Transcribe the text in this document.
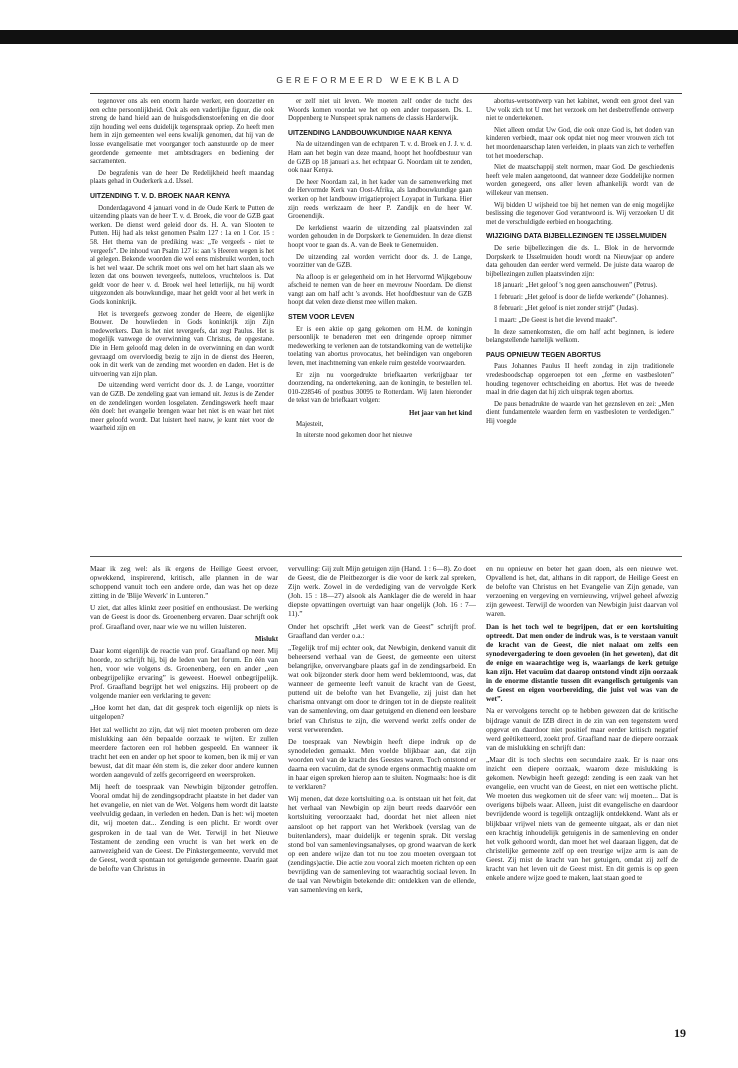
GEREFORMEERD WEEKBLAD

tegenover ons als een enorm harde werker, een doorzetter en een echte persoonlijkheid. Ook als een vaderlijke figuur, die ook streng de hand hield aan de huisgodsdienstoefening en die door zijn houding wel eens duidelijk tegenspraak opriep. Zo heeft men hem in zijn gemeenten wel eens kwalijk genomen, dat hij van de losse evangelisatie met voorganger toch aanstuurde op de meer geordende gemeente met ambtsdragers en bediening der sacramenten.

De begrafenis van de heer De Redelijkheid heeft maandag plaats gehad in Ouderkerk a.d. IJssel.

UITZENDING T. V. D. BROEK NAAR KENYA

Donderdagavond 4 januari vond in de Oude Kerk te Putten de uitzending plaats van de heer T. v. d. Broek, die voor de GZB gaat werken. De dienst werd geleid door ds. H. A. van Slooten te Putten. Hij had als tekst genomen Psalm 127 : 1a en 1 Cor. 15 : 58. Het thema van de prediking was: „Te vergeefs - niet te vergeefs”. De inhoud van Psalm 127 is: aan 's Heeren wegen is het al gelegen. Bekende woorden die wel eens misbruikt worden, toch is het wel waar. De schrik moet ons wel om het hart slaan als we lezen dat ons bouwen tevergeefs, nutteloos, vruchteloos is. Dat geldt voor de heer v. d. Broek wel heel letterlijk, nu hij wordt uitgezonden als bouwkundige, maar het geldt voor al het werk in Gods koninkrijk.

Het is tevergeefs gezwoeg zonder de Heere, de eigenlijke Bouwer. De houwlieden in Gods koninkrijk zijn Zijn medewerkers. Dan is het niet tevergeefs, dat zegt Paulus. Het is mogelijk vanwege de overwinning van Christus, de opgestane. Die in Hem geloofd mag delen in de overwinning en dan wordt gevraagd om overvloedig bezig te zijn in de dienst des Heeren, ook in dit werk van de zending met woorden en daden. Het is de uitvoering van zijn plan.

De uitzending werd verricht door ds. J. de Lange, voorzitter van de GZB. De zendeling gaat van iemand uit. Jezus is de Zender en de zendelingen worden losgelaten. Zendingswerk heeft maar één doel: het evangelie brengen waar het niet is en waar het niet meer geloofd wordt. Dat luistert heel nauw, je kunt niet voor de waarheid zijn en

er zelf niet uit leven. We moeten zelf onder de tucht des Woords komen voordat we het op een ander toepassen. Ds. L. Doppenberg te Nunspeet sprak namens de classis Harderwijk.

UITZENDING LANDBOUWKUNDIGE NAAR KENYA

Na de uitzendingen van de echtparen T. v. d. Broek en J. J. v. d. Ham aan het begin van deze maand, hoopt het hoofdbestuur van de GZB op 18 januari a.s. het echtpaar G. Noordam uit te zenden, ook naar Kenya.

De heer Noordam zal, in het kader van de samenwerking met de Hervormde Kerk van Oost-Afrika, als landbouwkundige gaan werken op het landbouw irrigatieproject Loyapat in Turkana. Hier zijn reeds werkzaam de heer P. Zandijk en de heer W. Groenendijk.

De kerkdienst waarin de uitzending zal plaatsvinden zal worden gehouden in de Dorpskerk te Genemuiden. In deze dienst hoopt voor te gaan ds. A. van de Beek te Genemuiden.

De uitzending zal worden verricht door ds. J. de Lange, voorzitter van de GZB.

Na afloop is er gelegenheid om in het Hervormd Wijkgebouw afscheid te nemen van de heer en mevrouw Noordam. De dienst vangt aan om half acht 's avonds. Het hoofdbestuur van de GZB hoopt dat velen deze dienst mee willen maken.

STEM VOOR LEVEN

Er is een aktie op gang gekomen om H.M. de koningin persoonlijk te benaderen met een dringende oproep nimmer medewerking te verlenen aan de totstandkoming van de wettelijke toelating van abortus provocatus, het beëindigen van ongeboren leven, met inachtneming van enkele ruim gestelde voorwaarden.

Er zijn nu voorgedrukte briefkaarten verkrijgbaar ter doorzending, na ondertekening, aan de koningin, te bestellen tel. 010-228546 of postbus 30095 te Rotterdam. Wij laten hieronder de tekst van de briefkaart volgen:

Het jaar van het kind

Majesteit,

In uiterste nood gekomen door het nieuwe

abortus-wetsontwerp van het kabinet, wendt een groot deel van Uw volk zich tot U met het verzoek om het desbetreffende ontwerp niet te ondertekenen.

Niet alleen omdat Uw God, die ook onze God is, het doden van kinderen verbiedt, maar ook opdat niet nog meer vrouwen zich tot het moordenaarschap laten verleiden, in plaats van zich te verheffen tot het moederschap.

Niet de maatschappij stelt normen, maar God. De geschiedenis heeft vele malen aangetoond, dat wanneer deze Goddelijke normen worden genegeerd, ons aller leven afhankelijk wordt van de willekeur van mensen.

Wij bidden U wijsheid toe bij het nemen van de enig mogelijke beslissing die tegenover God verantwoord is. Wij verzoeken U dit met de verschuldigde eerbied en hoogachting.

WIJZIGING DATA BIJBELLEZINGEN TE IJSSELMUIDEN

De serie bijbellezingen die ds. L. Blok in de hervormde Dorpskerk te IJsselmuiden houdt wordt na Nieuwjaar op andere data gehouden dan eerder werd vermeld. De juiste data waarop de bijbellezingen zullen plaatsvinden zijn:

18 januari: „Het geloof 's nog geen aanschouwen” (Petrus).

1 februari: „Het geloof is door de liefde werkende” (Johannes).

8 februari: „Het geloof is niet zonder strijd” (Judas).

1 maart: „De Geest is het die levend maakt”.

In deze samenkomsten, die om half acht beginnen, is iedere belangstellende hartelijk welkom.

PAUS OPNIEUW TEGEN ABORTUS

Paus Johannes Paulus II heeft zondag in zijn traditionele vredesboodschap opgeroepen tot een „ferme en vastbesloten” houding tegenover echtscheiding en abortus. Het was de tweede maal in drie dagen dat hij zich uitsprak tegen abortus.

De paus benadrukte de waarde van het geznsleven en zei: „Men dient fundamentele waarden ferm en vastbesloten te verdedigen.” Hij voegde

Maar ik zeg wel: als ik ergens de Heilige Geest ervoer, opwekkend, inspirerend, kritisch, alle plannen in de war schoppend vanuit toch een andere orde, dan was het op deze zitting in de 'Blije Weverk' in Lunteren.”

U ziet, dat alles klinkt zeer positief en enthousiast. De werking van de Geest is door ds. Groenenberg ervaren. Daar schrijft ook prof. Graafland over, naar wie we nu willen luisteren.

Mislukt

Daar komt eigenlijk de reactie van prof. Graafland op neer. Mij hoorde, zo schrijft hij, bij de leden van het forum. En één van hen, voor wie volgens ds. Groenenberg, een en ander „een onbegrijpelijke ervaring” is geweest. Hoewel onbegrijpelijk. Prof. Graafland begrijpt het wel enigszins. Hij probeert op de volgende manier een verklaring te geven:

„Hoe komt het dan, dat dit gesprek toch eigenlijk op niets is uitgelopen?

Het zal wellicht zo zijn, dat wij niet moeten proberen om deze mislukking aan één bepaalde oorzaak te wijten. Er zullen meerdere factoren een rol hebben gespeeld. En wanneer ik tracht het een en ander op het spoor te komen, ben ik mij er van bewust, dat dit maar één stem is, die zeker door andere kunnen worden aangevuld of zelfs gecorrigeerd en weersproken.

Mij heeft de toespraak van Newbigin bijzonder getroffen. Vooral omdat hij de zendingsopdracht plaatste in het dader van het evangelie, en niet van de Wet. Volgens hem wordt dit laatste veelvuldig gedaan, in verleden en heden. Dan is het: wij moeten dit, wij moeten dat... Zending is een plicht. Er wordt over gesproken in de taal van de Wet. Terwijl in het Nieuwe Testament de zending een vrucht is van het werk en de aanwezigheid van de Geest. De Pinkstergemeente, vervuld met de Geest, wordt spontaan tot getuigende gemeente. Daarin gaat de belofte van Christus in

vervulling: Gij zult Mijn getuigen zijn (Hand. 1 : 6—8). Zo doet de Geest, die de Pleitbezorger is die voor de kerk zal spreken, Zijn werk. Zowel in de verdediging van de vervolgde Kerk (Joh. 15 : 18—27) alsook als Aanklager die de wereld in haar diepste opvattingen overtuigt van haar ongelijk (Joh. 16 : 7—11).”

Onder het opschrift „Het werk van de Geest” schrijft prof. Graafland dan verder o.a.:

„Tegelijk trof mij echter ook, dat Newbigin, denkend vanuit dit beheersend verhaal van de Geest, de gemeente een uiterst belangrijke, onvervangbare plaats gaf in de zendingsarbeid. En wat ook bijzonder sterk door hem werd beklemtoond, was, dat wanneer de gemeente leeft vanuit de kracht van de Geest, puttend uit de belofte van het Evangelie, zij juist dan het charisma ontvangt om door te dringen tot in de diepste realiteit van de samenleving, om daar getuigend en dienend een leesbare brief van Christus te zijn, die wervend werkt zelfs onder de verst verwerenden.

De toespraak van Newbigin heeft diepe indruk op de synodeleden gemaakt. Men voelde blijkbaar aan, dat zijn woorden vol van de kracht des Geestes waren. Toch ontstond er daarna een vacuüm, dat de synode ergens onmachtig maakte om in haar eigen spreken hierop aan te sluiten. Nogmaals: hoe is dit te verklaren?

Wij menen, dat deze kortsluiting o.a. is ontstaan uit het feit, dat het verhaal van Newbigin op zijn beurt reeds daarvóór een kortsluiting veroorzaakt had, doordat het niet alleen niet aansloot op het rapport van het Werkboek (verslag van de buitenlanders), maar duidelijk er tegenin sprak. Dit verslag stond bol van samenlevingsanalyses, op grond waarvan de kerk op een andere wijze dan tot nu toe zou moeten overgaan tot (zendings)actie. Die actie zou vooral zich moeten richten op een bevrijding van de samenleving tot waarachtig sociaal leven. In de taal van Newbigin betekende dit: ontdekken van de ellende, van samenleving en kerk,

en nu opnieuw en beter het gaan doen, als een nieuwe wet. Opvallend is het, dat, althans in dit rapport, de Heilige Geest en de belofte van Christus en het Evangelie van Zijn genade, van verzoening en vergeving en vernieuwing, vrijwel geheel afwezig zijn geweest. Terwijl de woorden van Newbigin juist daarvan vol waren.

Dan is het toch wel te begrijpen, dat er een kortsluiting optreedt. Dat men onder de indruk was, is te verstaan vanuit de kracht van de Geest, die niet nalaat om zelfs een synodevergadering te doen gevoelen (in het geweten), dat dit de enige en waarachtige weg is, waarlangs de kerk getuige kan zijn. Het vacuüm dat daarop ontstond vindt zijn oorzaak in de enorme distantie tussen dit evangelisch getuigenis van de Geest en eigen voorbereiding, die juist vol was van de wet”.

Na er vervolgens terecht op te hebben gewezen dat de kritische bijdrage vanuit de IZB direct in de zin van een tegenstem werd opgevat en daardoor niet positief maar eerder kritisch negatief werd geëtiketteerd, zoekt prof. Graafland naar de diepere oorzaak van de mislukking en schrijft dan:

„Maar dit is toch slechts een secundaire zaak. Er is naar ons inzicht een diepere oorzaak, waarom deze mislukking is gekomen. Newbigin heeft gezegd: zending is een zaak van het evangelie, een vrucht van de Geest, en niet een wettische plicht. We moeten dus wegkomen uit de sfeer van: wij moeten... Dat is overigens bijbels waar. Alleen, juist dit evangelische en daardoor bevrijdende woord is tegelijk ontzaglijk ontdekkend. Want als er blijkbaar vrijwel niets van de gemeente uitgaat, als er dan niet een krachtig inhoudelijk getuigenis in de samenleving en onder het volk gehoord wordt, dan moet het wel daaraan liggen, dat de christelijke gemeente zelf op een treurige wijze arm is aan de Geest. Zij mist de kracht van het getuigen, omdat zij zelf de kracht van het leven uit de Geest mist. En dit gemis is op geen enkele andere wijze goed te maken, laat staan goed te

19
